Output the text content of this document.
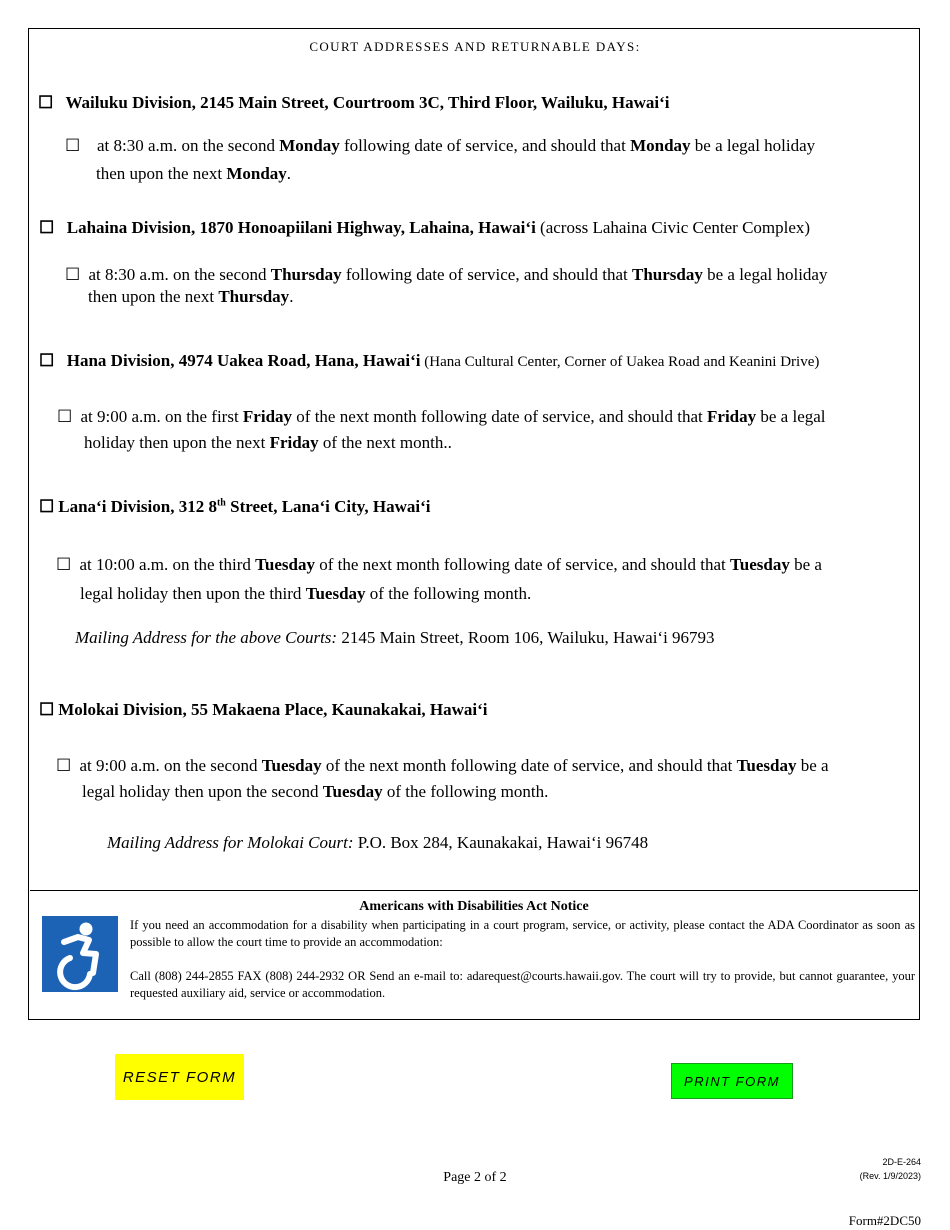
COURT ADDRESSES AND RETURNABLE DAYS:
☐ Wailuku Division, 2145 Main Street, Courtroom 3C, Third Floor, Wailuku, Hawai‘i
☐ at 8:30 a.m. on the second Monday following date of service, and should that Monday be a legal holiday
then upon the next Monday.
☐ Lahaina Division, 1870 Honoapiilani Highway, Lahaina, Hawai‘i (across Lahaina Civic Center Complex)
☐ at 8:30 a.m. on the second Thursday following date of service, and should that Thursday be a legal holiday
then upon the next Thursday.
☐ Hana Division, 4974 Uakea Road, Hana, Hawai‘i (Hana Cultural Center, Corner of Uakea Road and Keanini Drive)
☐ at 9:00 a.m. on the first Friday of the next month following date of service, and should that Friday be a legal
holiday then upon the next Friday of the next month..
☐ Lana‘i Division, 312 8th Street, Lana‘i City, Hawai‘i
☐ at 10:00 a.m. on the third Tuesday of the next month following date of service, and should that Tuesday be a
legal holiday then upon the third Tuesday of the following month.
Mailing Address for the above Courts: 2145 Main Street, Room 106, Wailuku, Hawai‘i 96793
☐ Molokai Division, 55 Makaena Place, Kaunakakai, Hawai‘i
☐ at 9:00 a.m. on the second Tuesday of the next month following date of service, and should that Tuesday be a
legal holiday then upon the second Tuesday of the following month.
Mailing Address for Molokai Court: P.O. Box 284, Kaunakakai, Hawai‘i 96748
Americans with Disabilities Act Notice
If you need an accommodation for a disability when participating in a court program, service, or activity, please contact the ADA Coordinator as soon as possible to allow the court time to provide an accommodation:
Call (808) 244-2855 FAX (808) 244-2932 OR Send an e-mail to: adarequest@courts.hawaii.gov. The court will try to provide, but cannot guarantee, your requested auxiliary aid, service or accommodation.
RESET FORM	PRINT FORM
Page 2 of 2
2D-E-264
(Rev. 1/9/2023)
Form#2DC50
